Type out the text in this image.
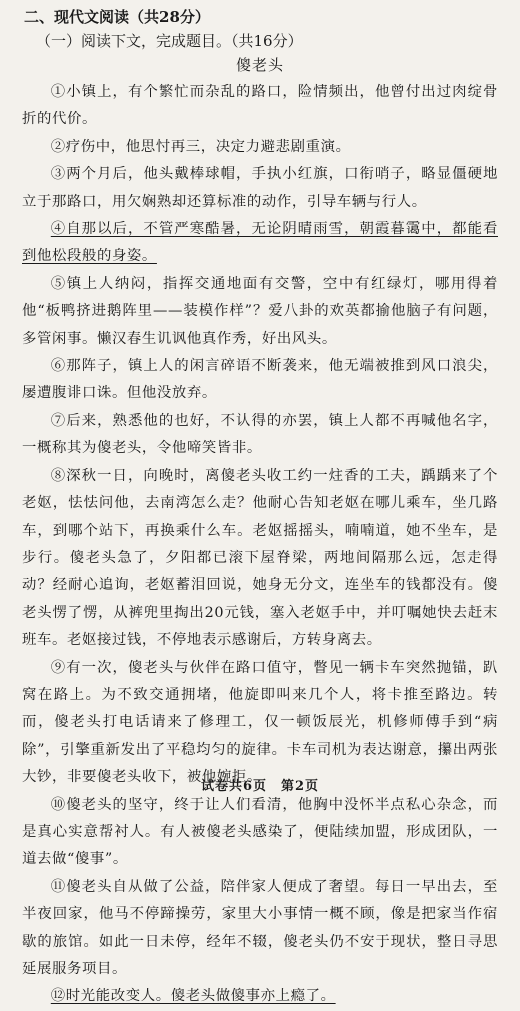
二、现代文阅读（共28分）
（一）阅读下文，完成题目。（共16分）
傻老头

①小镇上，有个繁忙而杂乱的路口，险情频出，他曾付出过肉绽骨折的代价。

②疗伤中，他思忖再三，决定力避悲剧重演。

③两个月后，他头戴棒球帽，手执小红旗，口衔哨子，略显僵硬地立于那路口，用欠娴熟却还算标准的动作，引导车辆与行人。

④自那以后，不管严寒酷暑，无论阴晴雨雪，朝霞暮霭中，都能看到他松段般的身姿。

⑤镇上人纳闷，指挥交通地面有交警，空中有红绿灯，哪用得着他“板鸭挤进鹅阵里——装模作样”？爱八卦的欢英都揄他脑子有问题，多管闲事。懒汉春生讥讽他真作秀，好出风头。

⑥那阵子，镇上人的闲言碎语不断袭来，他无端被推到风口浪尖，屡遭腹诽口诛。但他没放弃。

⑦后来，熟悉他的也好，不认得的亦罢，镇上人都不再喊他名字，一概称其为傻老头，令他啼笑皆非。

⑧深秋一日，向晚时，离傻老头收工约一炷香的工夫，踽踽来了个老妪，怯怯问他，去南湾怎么走？他耐心告知老妪在哪儿乘车，坐几路车，到哪个站下，再换乘什么车。老妪摇摇头，喃喃道，她不坐车，是步行。傻老头急了，夕阳都已滚下屋脊梁，两地间隔那么远，怎走得动？经耐心追询，老妪蓄泪回说，她身无分文，连坐车的钱都没有。傻老头愣了愣，从裤兜里掏出20元钱，塞入老妪手中，并叮嘱她快去赶末班车。老妪接过钱，不停地表示感谢后，方转身离去。

⑨有一次，傻老头与伙伴在路口值守，瞥见一辆卡车突然抛锚，趴窝在路上。为不致交通拥堵，他旋即叫来几个人，将卡推至路边。转而，傻老头打电话请来了修理工，仅一顿饭辰光，机修师傅手到“病除”，引擎重新发出了平稳均匀的旋律。卡车司机为表达谢意，攥出两张大钞，非要傻老头收下，被他婉拒。

⑩傻老头的坚守，终于让人们看清，他胸中没怀半点私心杂念，而是真心实意帮衬人。有人被傻老头感染了，便陆续加盟，形成团队，一道去做“傻事”。

⑪傻老头自从做了公益，陪伴家人便成了奢望。每日一早出去，至半夜回家，他马不停蹄操劳，家里大小事情一概不顾，像是把家当作宿歇的旅馆。如此一日未停，经年不辍，傻老头仍不安于现状，整日寻思延展服务项目。

⑫时光能改变人。傻老头做傻事亦上瘾了。

试卷共6页　第2页
